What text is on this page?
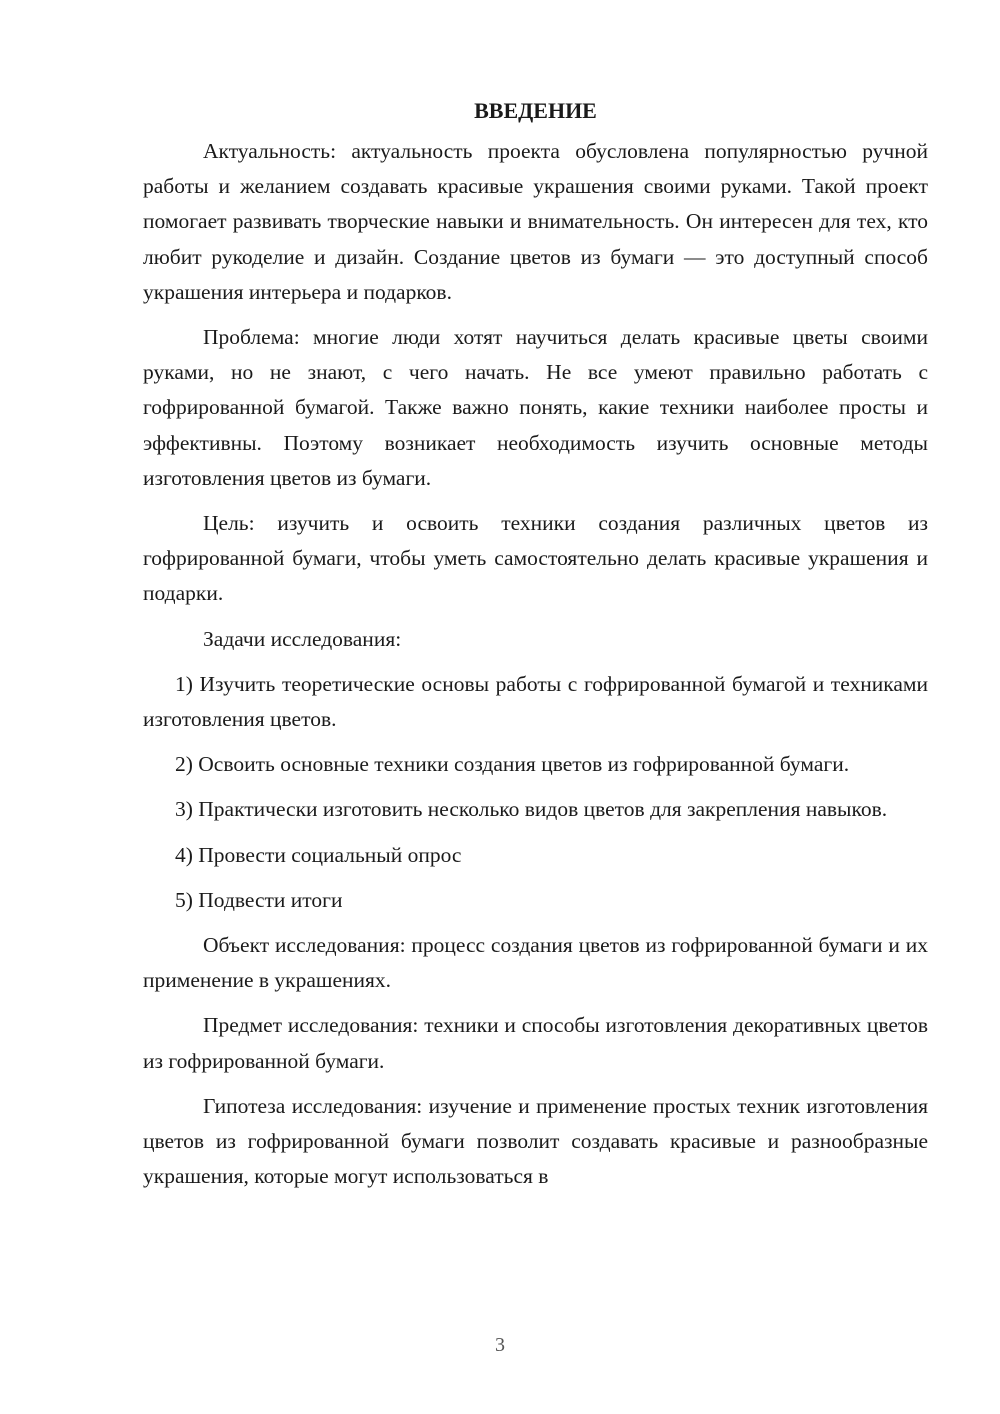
ВВЕДЕНИЕ

Актуальность: актуальность проекта обусловлена популярностью ручной работы и желанием создавать красивые украшения своими руками. Такой проект помогает развивать творческие навыки и внимательность. Он интересен для тех, кто любит рукоделие и дизайн. Создание цветов из бумаги — это доступный способ украшения интерьера и подарков.

Проблема: многие люди хотят научиться делать красивые цветы своими руками, но не знают, с чего начать. Не все умеют правильно работать с гофрированной бумагой. Также важно понять, какие техники наиболее просты и эффективны. Поэтому возникает необходимость изучить основные методы изготовления цветов из бумаги.

Цель: изучить и освоить техники создания различных цветов из гофрированной бумаги, чтобы уметь самостоятельно делать красивые украшения и подарки.

Задачи исследования:

1) Изучить теоретические основы работы с гофрированной бумагой и техниками изготовления цветов.

2) Освоить основные техники создания цветов из гофрированной бумаги.

3) Практически изготовить несколько видов цветов для закрепления навыков.

4) Провести социальный опрос

5) Подвести итоги

Объект исследования: процесс создания цветов из гофрированной бумаги и их применение в украшениях.

Предмет исследования: техники и способы изготовления декоративных цветов из гофрированной бумаги.

Гипотеза исследования: изучение и применение простых техник изготовления цветов из гофрированной бумаги позволит создавать красивые и разнообразные украшения, которые могут использоваться в

3
